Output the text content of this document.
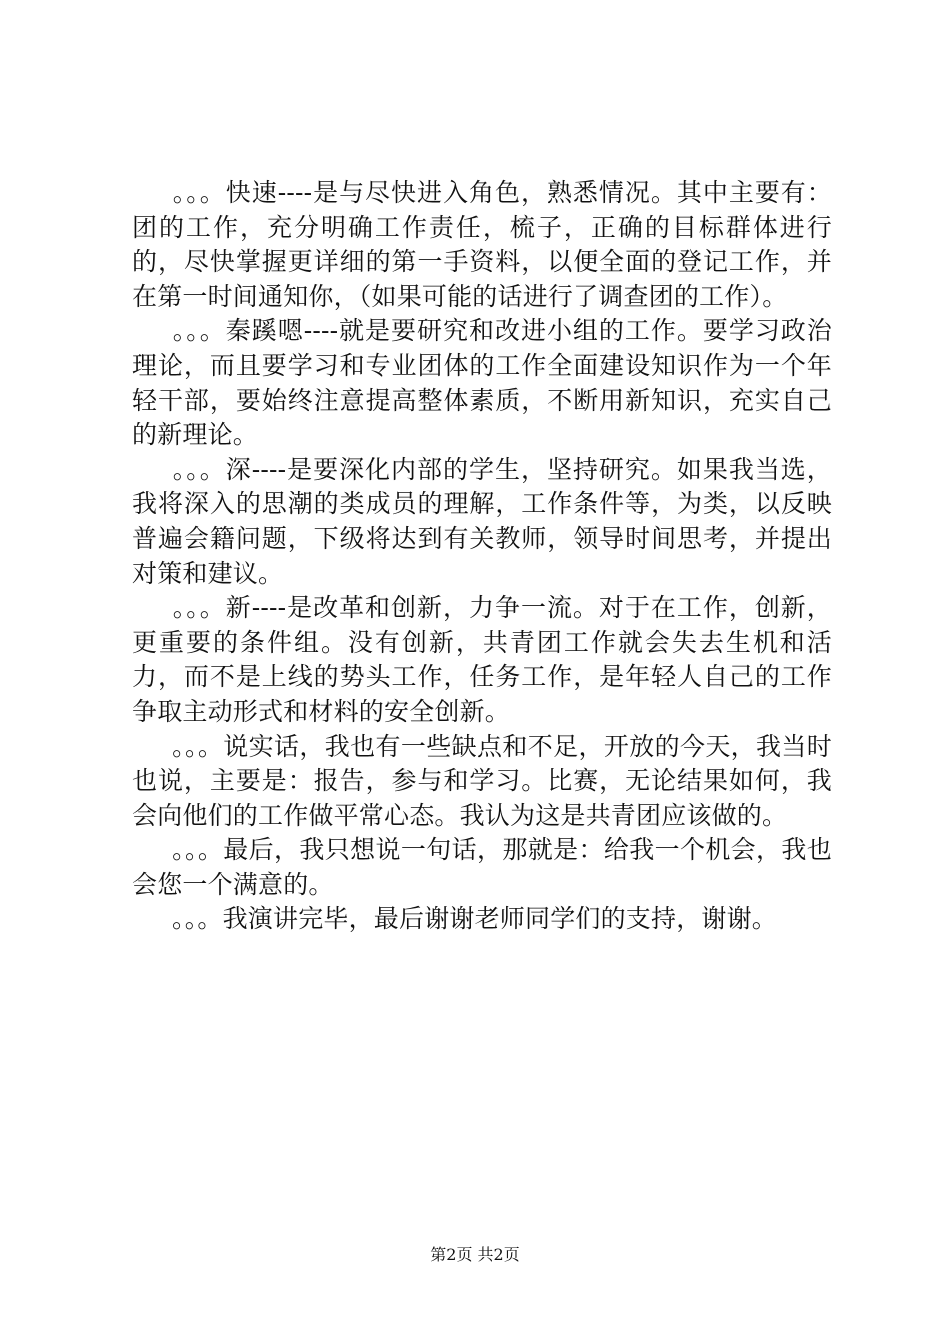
。。。快速----是与尽快进入角色，熟悉情况。其中主要有：团的工作，充分明确工作责任，梳子，正确的目标群体进行的，尽快掌握更详细的第一手资料，以便全面的登记工作，并在第一时间通知你，（如果可能的话进行了调查团的工作）。

。。。秦蹊嗯----就是要研究和改进小组的工作。要学习政治理论，而且要学习和专业团体的工作全面建设知识作为一个年轻干部，要始终注意提高整体素质，不断用新知识，充实自己的新理论。

。。。深----是要深化内部的学生，坚持研究。如果我当选，我将深入的思潮的类成员的理解，工作条件等，为类，以反映普遍会籍问题，下级将达到有关教师，领导时间思考，并提出对策和建议。

。。。新----是改革和创新，力争一流。对于在工作，创新，更重要的条件组。没有创新，共青团工作就会失去生机和活力，而不是上线的势头工作，任务工作，是年轻人自己的工作争取主动形式和材料的安全创新。

。。。说实话，我也有一些缺点和不足，开放的今天，我当时也说，主要是：报告，参与和学习。比赛，无论结果如何，我会向他们的工作做平常心态。我认为这是共青团应该做的。

。。。最后，我只想说一句话，那就是：给我一个机会，我也会您一个满意的。

。。。我演讲完毕，最后谢谢老师同学们的支持，谢谢。

第2页 共2页
